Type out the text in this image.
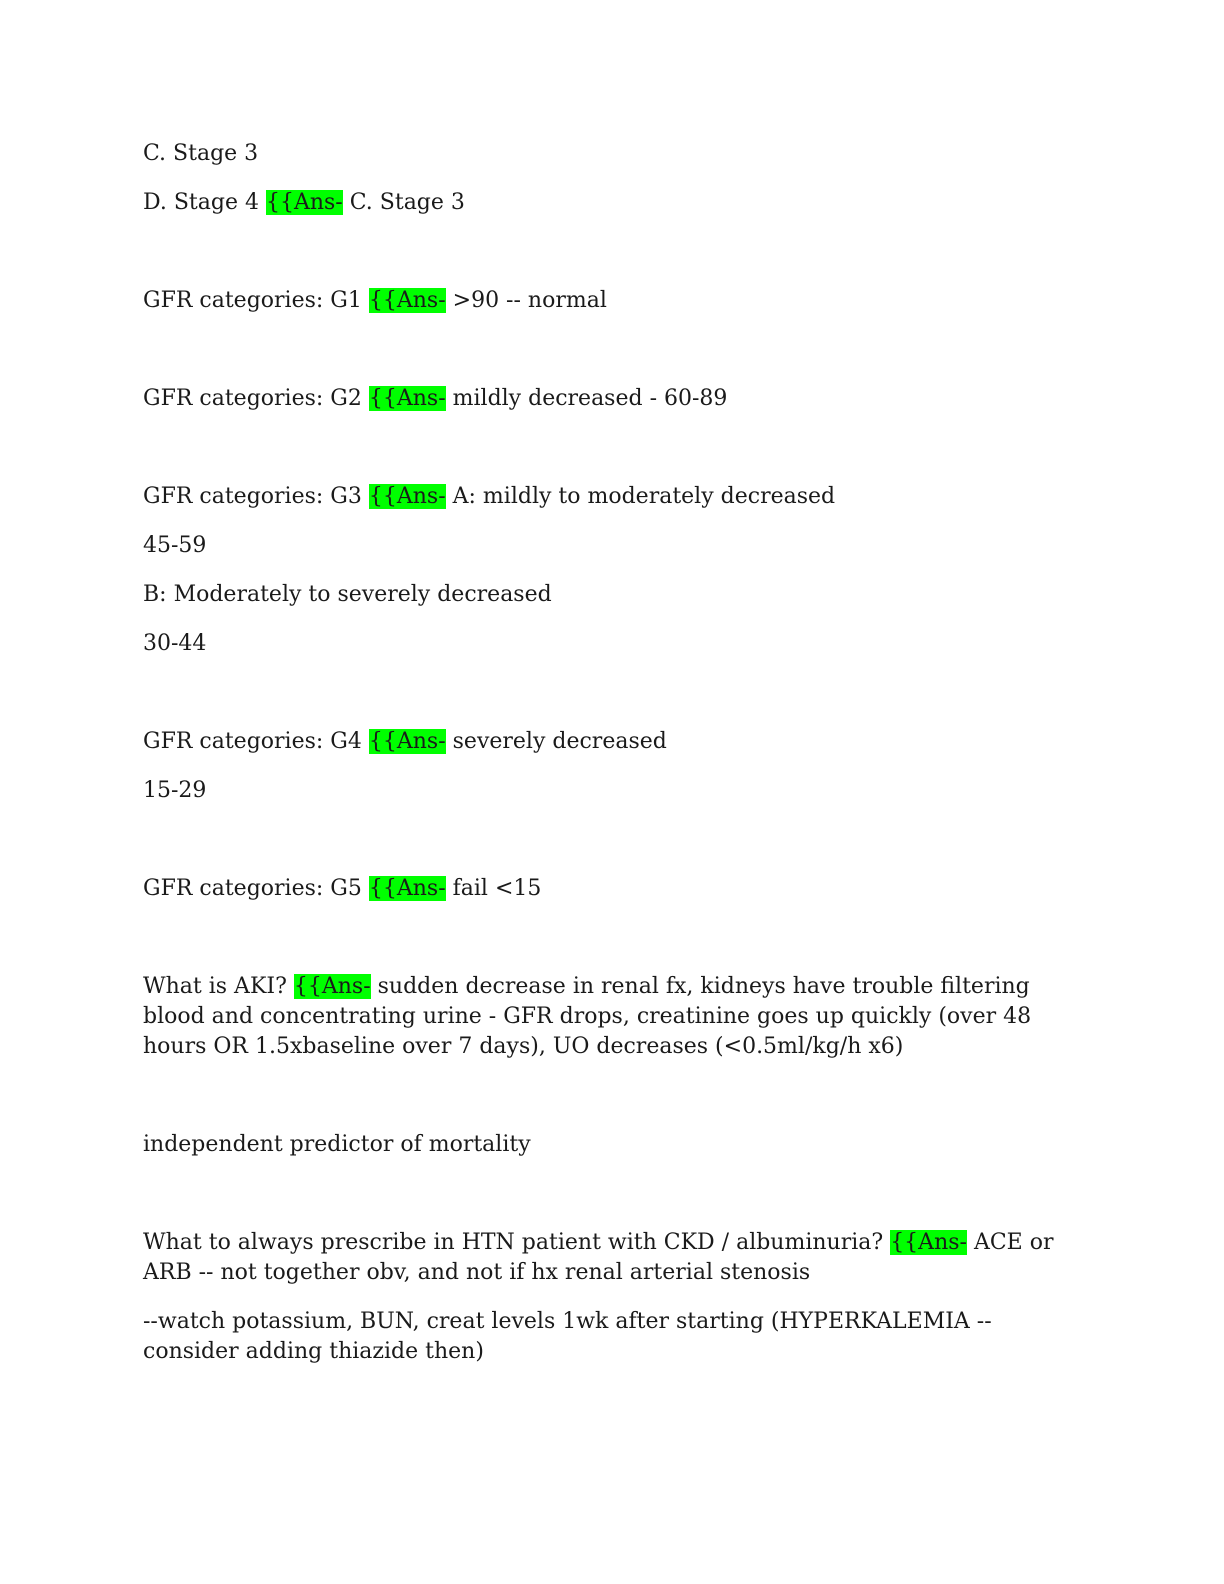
C. Stage 3

D. Stage 4 {{Ans- C. Stage 3

GFR categories: G1 {{Ans- >90 -- normal

GFR categories: G2 {{Ans- mildly decreased - 60-89

GFR categories: G3 {{Ans- A: mildly to moderately decreased

45-59

B: Moderately to severely decreased

30-44

GFR categories: G4 {{Ans- severely decreased

15-29

GFR categories: G5 {{Ans- fail <15

What is AKI? {{Ans- sudden decrease in renal fx, kidneys have trouble filtering blood and concentrating urine - GFR drops, creatinine goes up quickly (over 48 hours OR 1.5xbaseline over 7 days), UO decreases (<0.5ml/kg/h x6)

independent predictor of mortality

What to always prescribe in HTN patient with CKD / albuminuria? {{Ans- ACE or ARB -- not together obv, and not if hx renal arterial stenosis

--watch potassium, BUN, creat levels 1wk after starting (HYPERKALEMIA -- consider adding thiazide then)
